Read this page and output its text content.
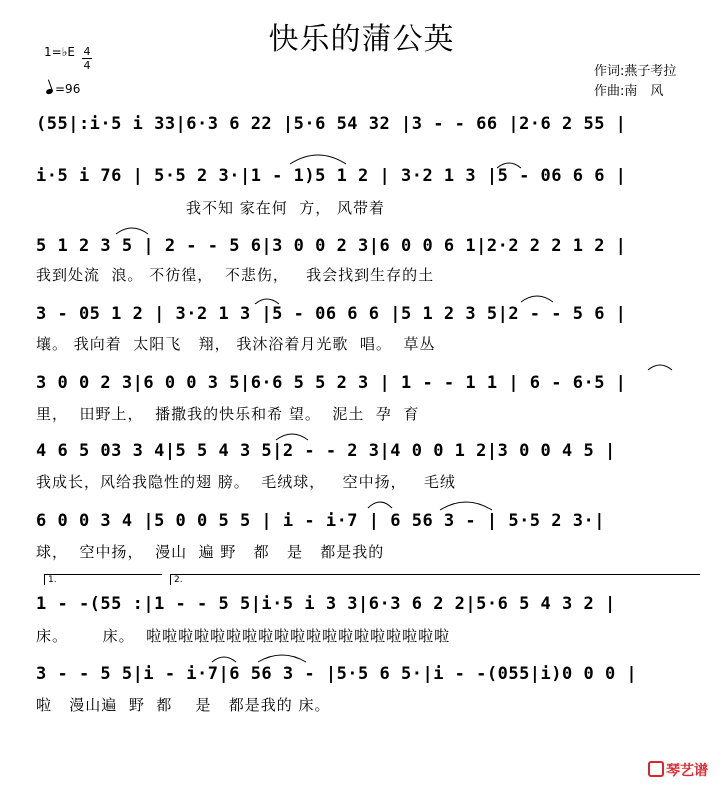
快乐的蒲公英
1=♭E 4
4
=96
作词:燕子考拉
作曲:南　风
(55|:i·5 i 33|6·3 6 22 |5·6 54 32 |3 - - 66 |2·6 2 55 |
i·5 i 76 | 5·5 2 3·|1 - 1)5 1 2 | 3·2 1 3 |5 - 06 6 6 |
我不知 家在何  方， 风带着
5 1 2 3 5 | 2 - - 5 6|3 0 0 2 3|6 0 0 6 1|2·2 2 2 1 2 |
我到处流  浪。 不彷徨，  不悲伤，   我会找到生存的土
3 - 05 1 2 | 3·2 1 3 |5 - 06 6 6 |5 1 2 3 5|2 - - 5 6 |
壤。 我向着  太阳飞   翔， 我沐浴着月光歌  唱。  草丛
3 0 0 2 3|6 0 0 3 5|6·6 5 5 2 3 | 1 - - 1 1 | 6 - 6·5 |
里，  田野上，  播撒我的快乐和希 望。  泥土  孕  育
4 6 5 03 3 4|5 5 4 3 5|2 - - 2 3|4 0 0 1 2|3 0 0 4 5 |
我成长，风给我隐性的翅 膀。  毛绒球，   空中扬，   毛绒
6 0 0 3 4 |5 0 0 5 5 | i - i·7 | 6 56 3 - | 5·5 2 3·|
球，  空中扬，  漫山  遍 野   都   是   都是我的
1.	2.
1 - -(55 :|1 - - 5 5|i·5 i 3 3|6·3 6 2 2|5·6 5 4 3 2 |
床。      床。  啦啦啦啦啦啦啦啦啦啦啦啦啦啦啦啦啦啦啦
3 - - 5 5|i - i·7|6 56 3 - |5·5 6 5·|i - -(055|i)0 0 0 |
啦   漫山遍  野  都    是   都是我的 床。
琴艺谱
